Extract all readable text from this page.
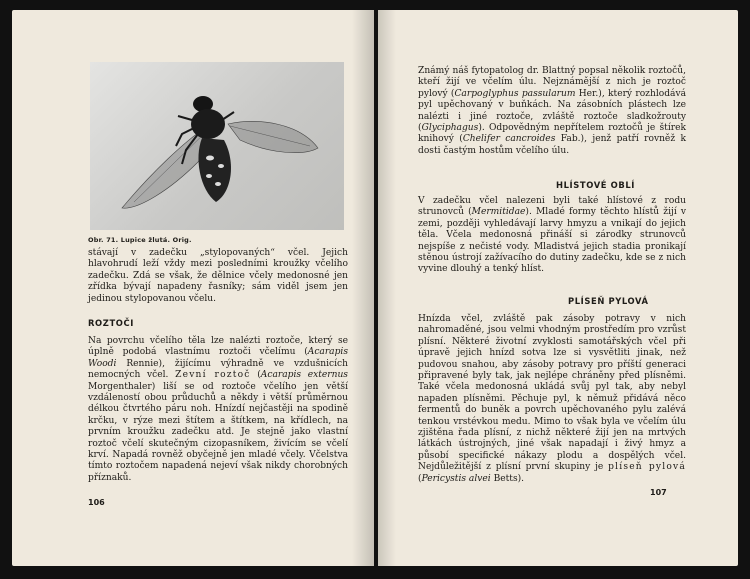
Obr. 71. Lupice žlutá. Orig.

stávají v zadečku „stylopovaných“ včel. Jejich hlavohrudí leží vždy mezi posledními kroužky včelího zadečku. Zdá se však, že dělnice včely medonosné jen zřídka bývají napadeny řasníky; sám viděl jsem jen jedinou stylopovanou včelu.

ROZTOČI

Na povrchu včelího těla lze nalézti roztoče, který se úplně podobá vlastnímu roztoči včelímu (Acarapis Woodi Rennie), žijícímu výhradně ve vzdušnicích nemocných včel. Zevní roztoč (Acarapis externus Morgenthaler) liší se od roztoče včelího jen větší vzdáleností obou průduchů a někdy i větší průměrnou délkou čtvrtého páru noh. Hnízdí nejčastěji na spodině krčku, v rýze mezi štítem a štítkem, na křídlech, na prvním kroužku zadečku atd. Je stejně jako vlastní roztoč včelí skutečným cizopasníkem, živícím se včelí krví. Napadá rovněž obyčejně jen mladé včely. Včelstva tímto roztočem napadená nejeví však nikdy chorobných příznaků.

106

Známý náš fytopatolog dr. Blattný popsal několik roztočů, kteří žijí ve včelím úlu. Nejznámější z nich je roztoč pylový (Carpoglyphus passularum Her.), který rozhlodává pyl upěchovaný v buňkách. Na zásobních plástech lze nalézti i jiné roztoče, zvláště roztoče sladkožrouty (Glyciphagus). Odpovědným nepřítelem roztočů je štírek knihový (Chelifer cancroides Fab.), jenž patří rovněž k dosti častým hostům včelího úlu.

HLÍSTOVÉ OBLÍ

V zadečku včel nalezeni byli také hlístové z rodu strunovců (Mermitidae). Mladé formy těchto hlístů žijí v zemi, později vyhledávají larvy hmyzu a vnikají do jejich těla. Včela medonosná přináší si zárodky strunovců nejspíše z nečisté vody. Mladistvá jejich stadia pronikají stěnou ústrojí zažívacího do dutiny zadečku, kde se z nich vyvine dlouhý a tenký hlíst.

PLÍSEŇ PYLOVÁ

Hnízda včel, zvláště pak zásoby potravy v nich nahromaděné, jsou velmi vhodným prostředím pro vzrůst plísní. Některé životní zvyklosti samotářských včel při úpravě jejich hnízd sotva lze si vysvětliti jinak, než pudovou snahou, aby zásoby potravy pro příští generaci připravené byly tak, jak nejlépe chráněny před plísněmi. Také včela medonosná ukládá svůj pyl tak, aby nebyl napaden plísněmi. Pěchuje pyl, k němuž přidává něco fermentů do buněk a povrch upěchovaného pylu zalévá tenkou vrstévkou medu. Mimo to však byla ve včelím úlu zjištěna řada plísní, z nichž některé žijí jen na mrtvých látkách ústrojných, jiné však napadají i živý hmyz a působí specifické nákazy plodu a dospělých včel. Nejdůležitější z plísní první skupiny je plíseň pylová (Pericystis alvei Betts).

107
